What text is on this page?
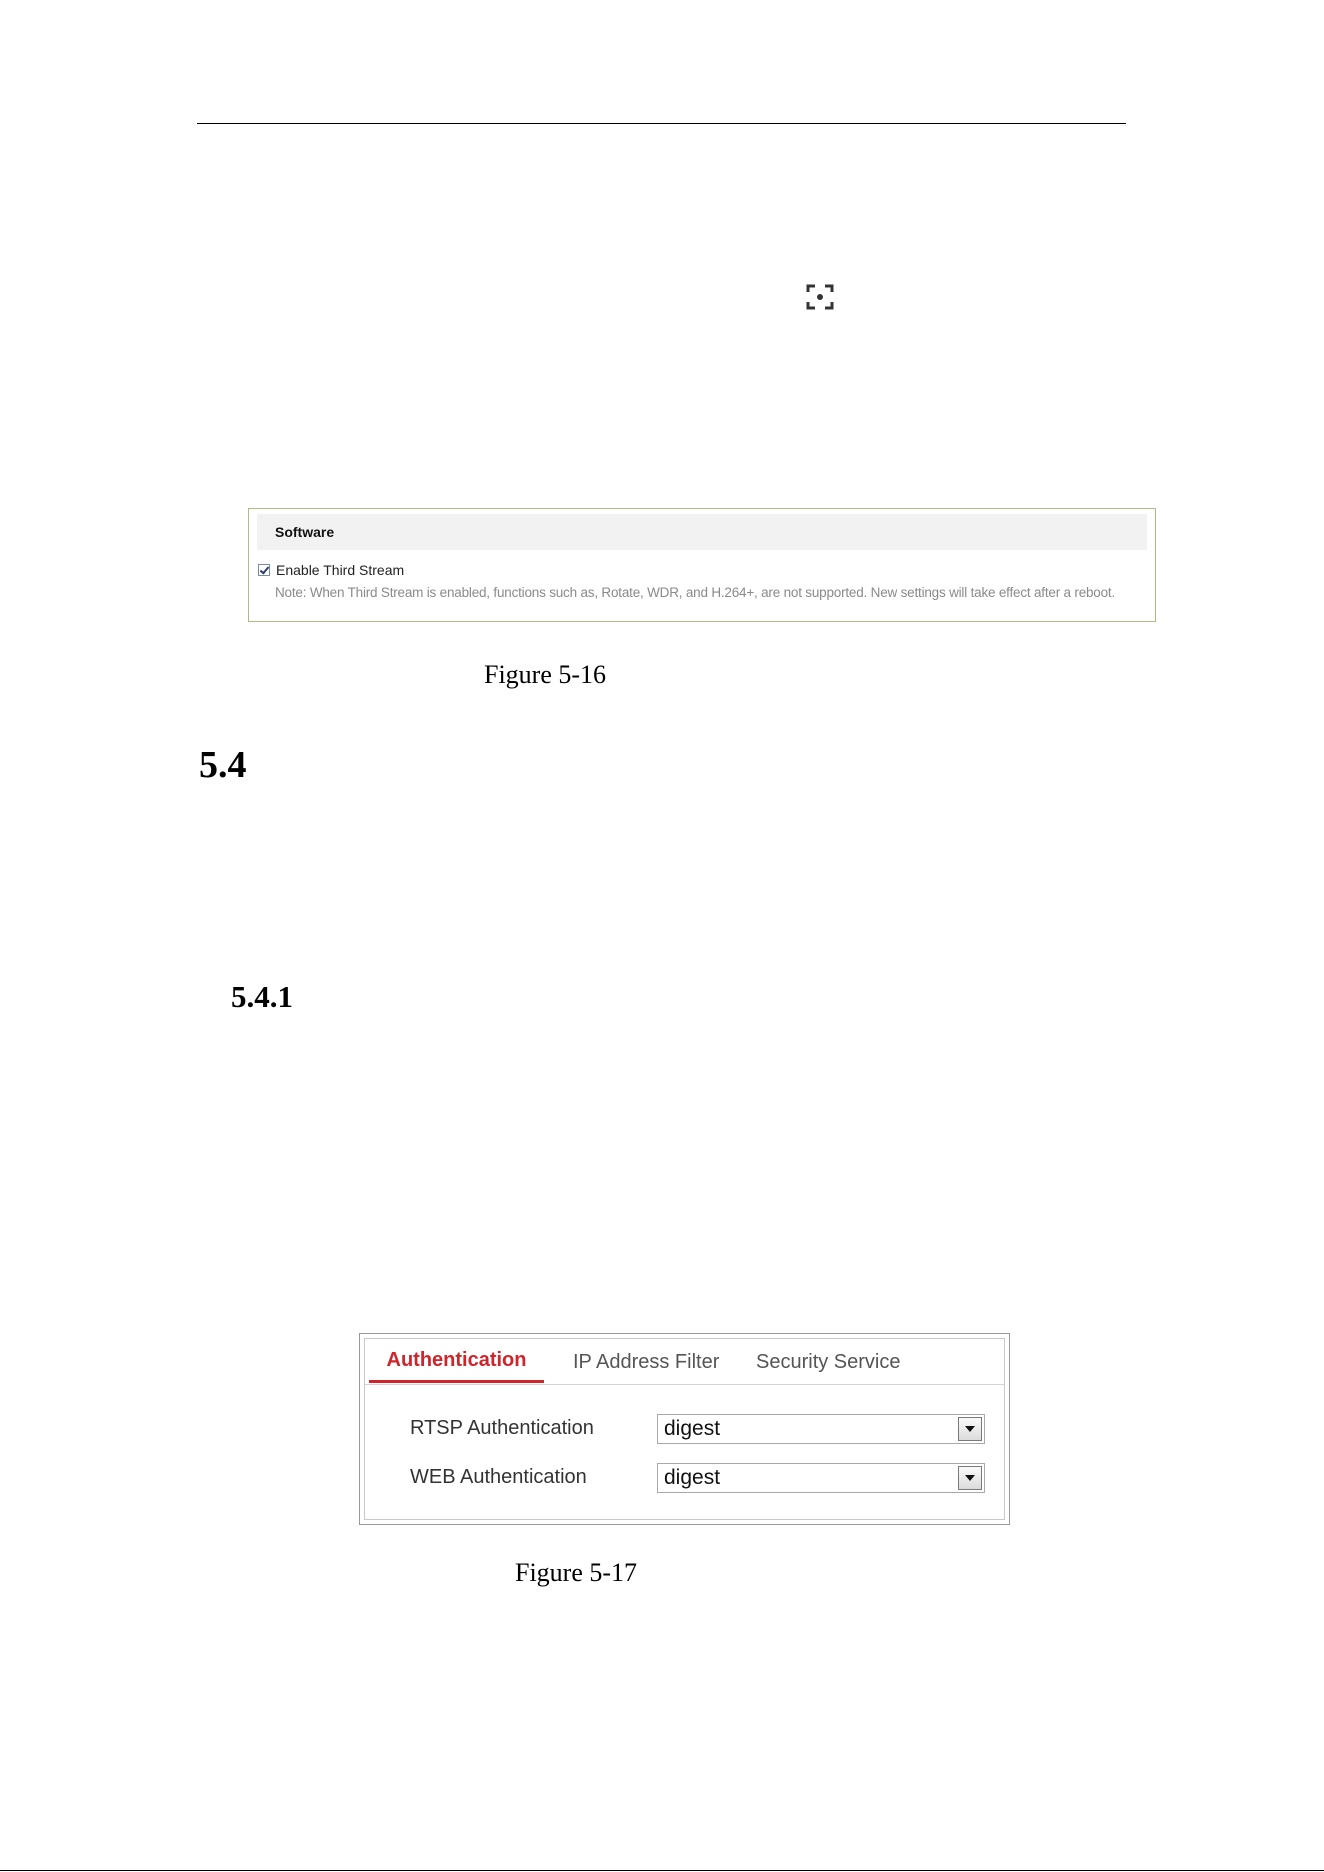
Software
Enable Third Stream
Note: When Third Stream is enabled, functions such as, Rotate, WDR, and H.264+, are not supported. New settings will take effect after a reboot.
Figure 5-16
5.4
5.4.1
Authentication	IP Address Filter Security Service
RTSP Authentication	digest
WEB Authentication	digest
Figure 5-17
